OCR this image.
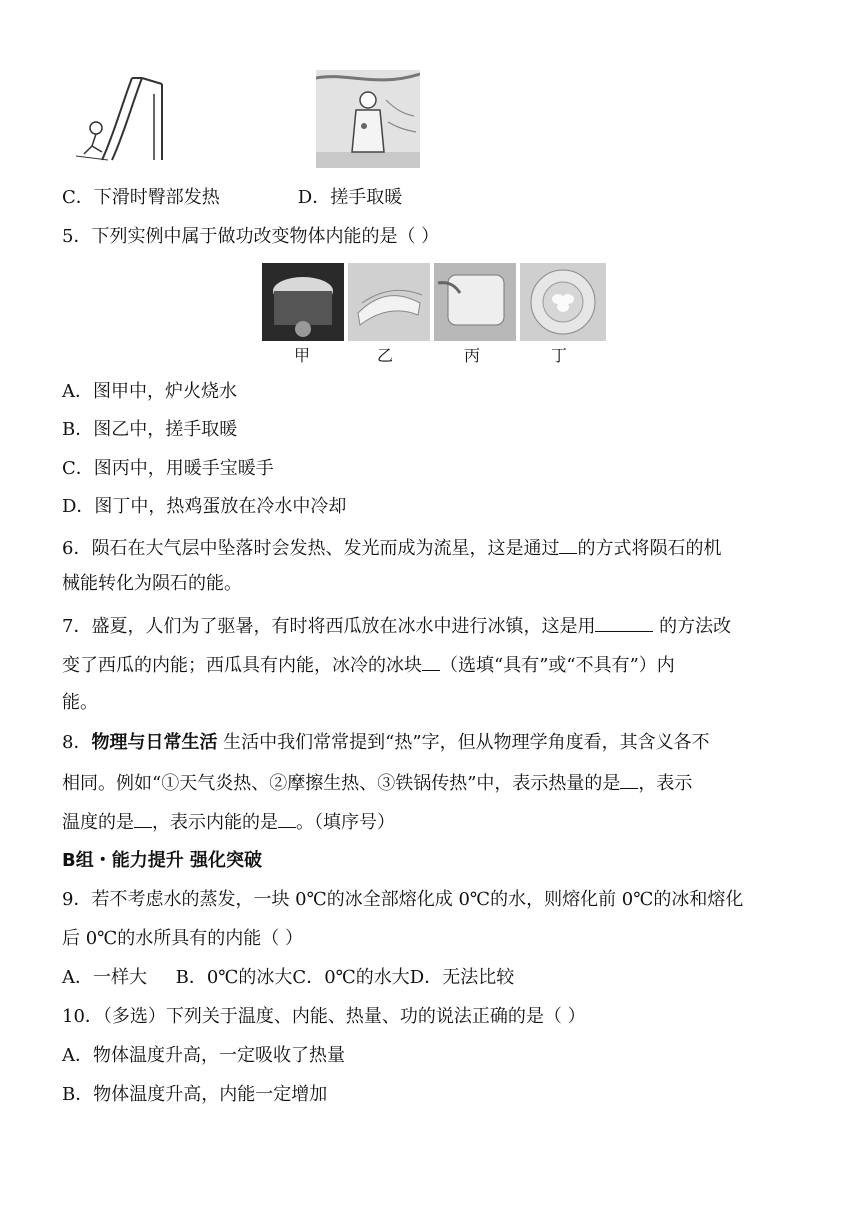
C．下滑时臀部发热	D．搓手取暖
5．下列实例中属于做功改变物体内能的是（ ）
甲	乙	丙	丁
A．图甲中，炉火烧水
B．图乙中，搓手取暖
C．图丙中，用暖手宝暖手
D．图丁中，热鸡蛋放在冷水中冷却
6．陨石在大气层中坠落时会发热、发光而成为流星，这是通过 的方式将陨石的机
械能转化为陨石的能。
7．盛夏，人们为了驱暑，有时将西瓜放在冰水中进行冰镇，这是用	的方法改
变了西瓜的内能；西瓜具有内能，冰冷的冰块 （选填“具有”或“不具有”）内
能。
8．物理与日常生活 生活中我们常常提到“热”字，但从物理学角度看，其含义各不
相同。例如“①天气炎热、②摩擦生热、③铁锅传热”中，表示热量的是 ，表示
温度的是 ，表示内能的是 。（填序号）
B组・能力提升 强化突破
9．若不考虑水的蒸发，一块 0℃的冰全部熔化成 0℃的水，则熔化前 0℃的冰和熔化
后 0℃的水所具有的内能（ ）
A．一样大     B．0℃的冰大C．0℃的水大D．无法比较
10．（多选）下列关于温度、内能、热量、功的说法正确的是（ ）
A．物体温度升高，一定吸收了热量
B．物体温度升高，内能一定增加
